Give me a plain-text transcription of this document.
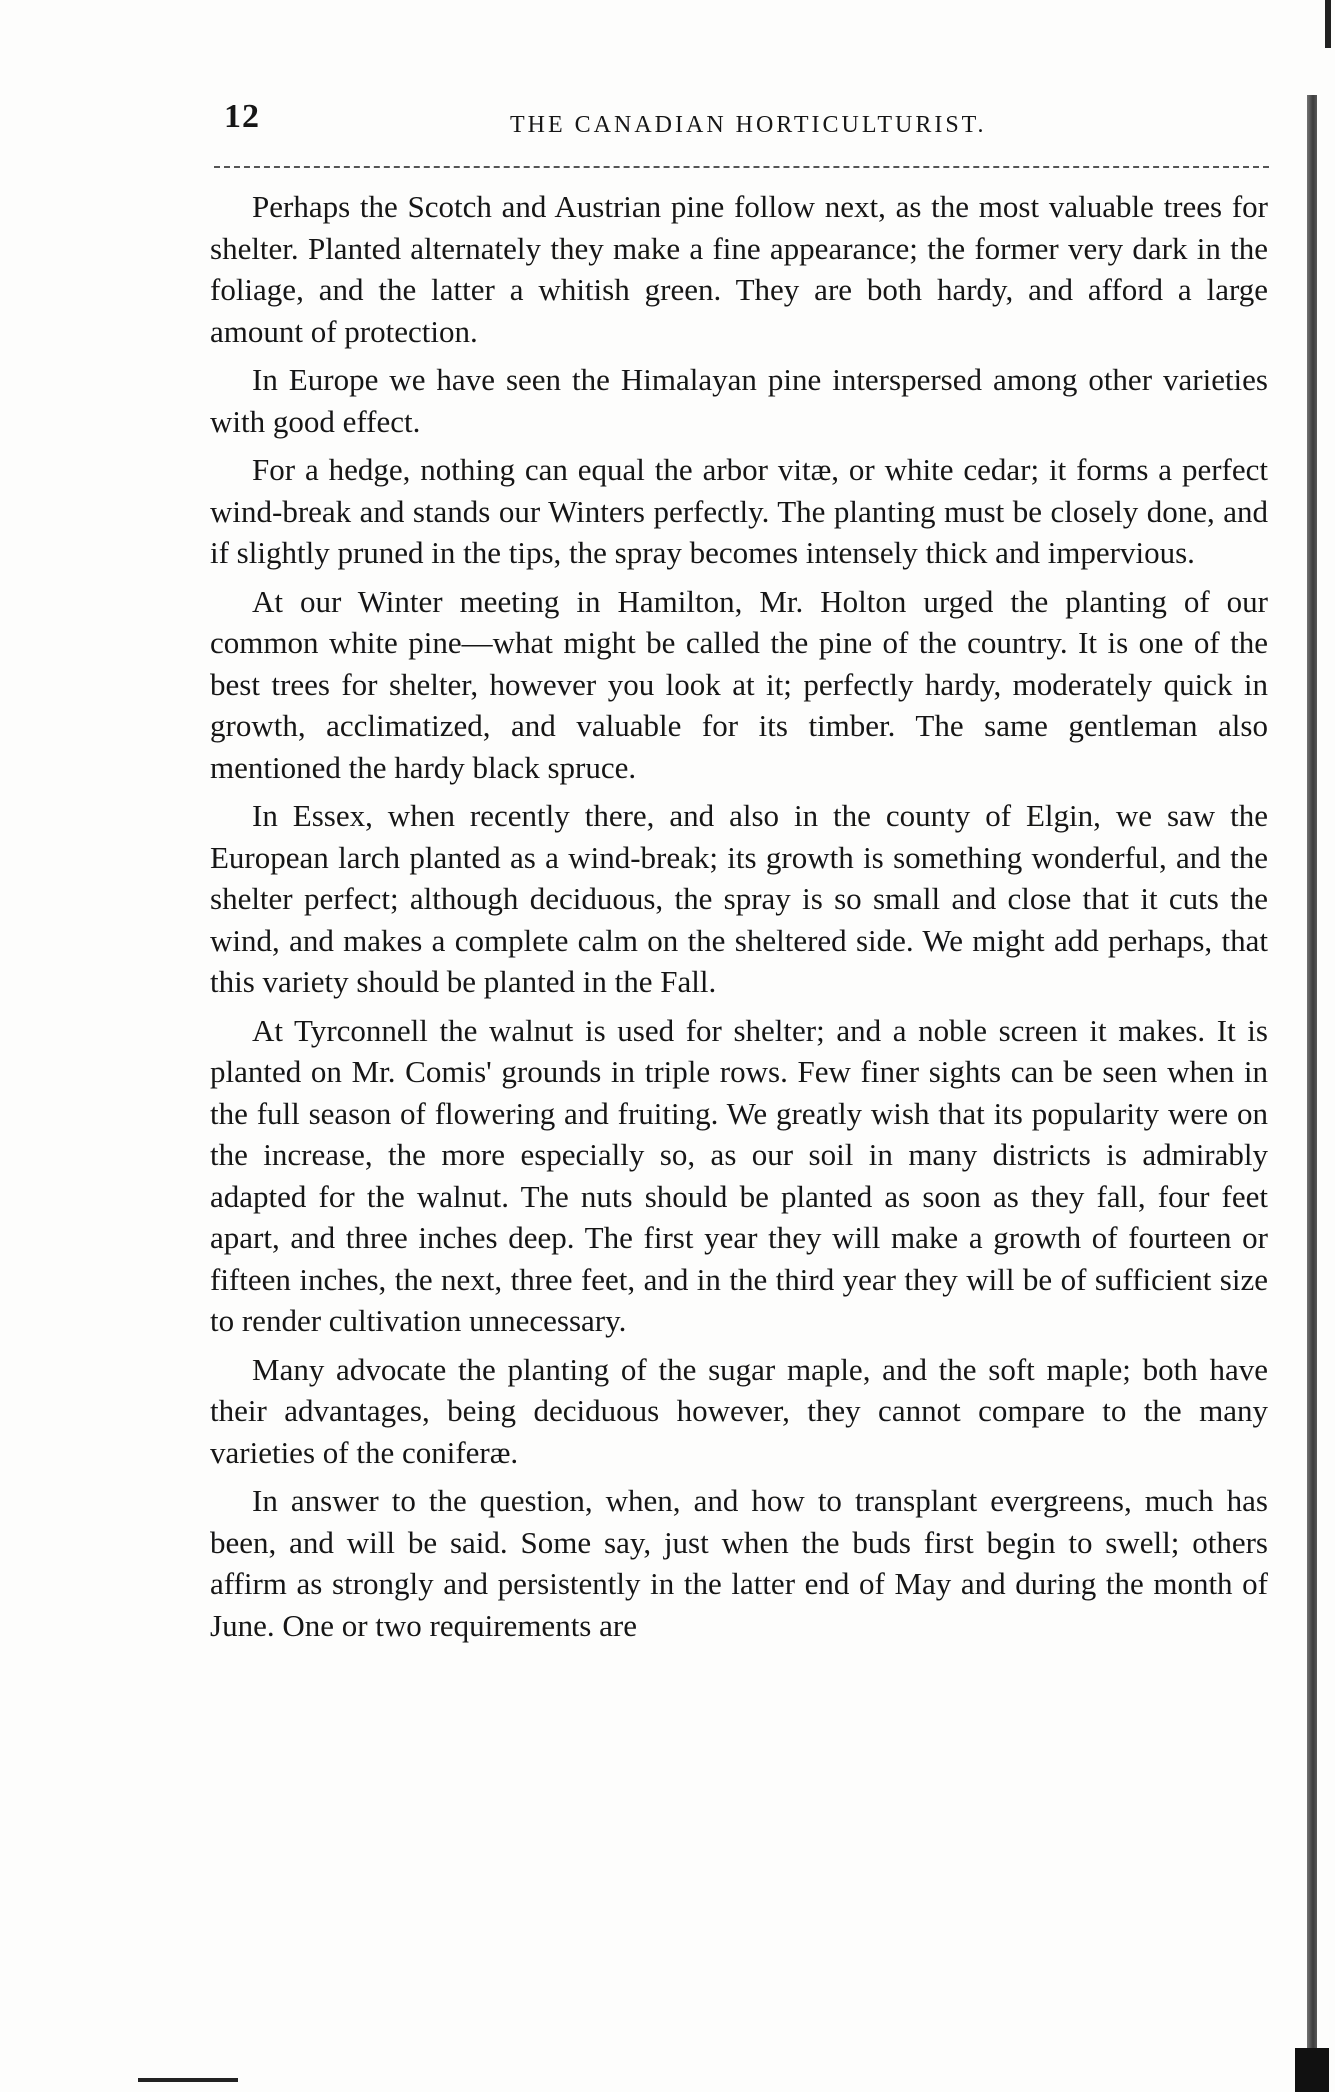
12	THE CANADIAN HORTICULTURIST.

Perhaps the Scotch and Austrian pine follow next, as the most valuable trees for shelter. Planted alternately they make a fine appearance; the former very dark in the foliage, and the latter a whitish green. They are both hardy, and afford a large amount of protection.

In Europe we have seen the Himalayan pine interspersed among other varieties with good effect.

For a hedge, nothing can equal the arbor vitæ, or white cedar; it forms a perfect wind-break and stands our Winters perfectly. The planting must be closely done, and if slightly pruned in the tips, the spray becomes intensely thick and impervious.

At our Winter meeting in Hamilton, Mr. Holton urged the planting of our common white pine—what might be called the pine of the country. It is one of the best trees for shelter, however you look at it; perfectly hardy, moderately quick in growth, acclimatized, and valuable for its timber. The same gentleman also mentioned the hardy black spruce.

In Essex, when recently there, and also in the county of Elgin, we saw the European larch planted as a wind-break; its growth is something wonderful, and the shelter perfect; although deciduous, the spray is so small and close that it cuts the wind, and makes a complete calm on the sheltered side. We might add perhaps, that this variety should be planted in the Fall.

At Tyrconnell the walnut is used for shelter; and a noble screen it makes. It is planted on Mr. Comis' grounds in triple rows. Few finer sights can be seen when in the full season of flowering and fruiting. We greatly wish that its popularity were on the increase, the more especially so, as our soil in many districts is admirably adapted for the walnut. The nuts should be planted as soon as they fall, four feet apart, and three inches deep. The first year they will make a growth of fourteen or fifteen inches, the next, three feet, and in the third year they will be of sufficient size to render cultivation unnecessary.

Many advocate the planting of the sugar maple, and the soft maple; both have their advantages, being deciduous however, they cannot compare to the many varieties of the coniferæ.

In answer to the question, when, and how to transplant evergreens, much has been, and will be said. Some say, just when the buds first begin to swell; others affirm as strongly and persistently in the latter end of May and during the month of June. One or two requirements are
